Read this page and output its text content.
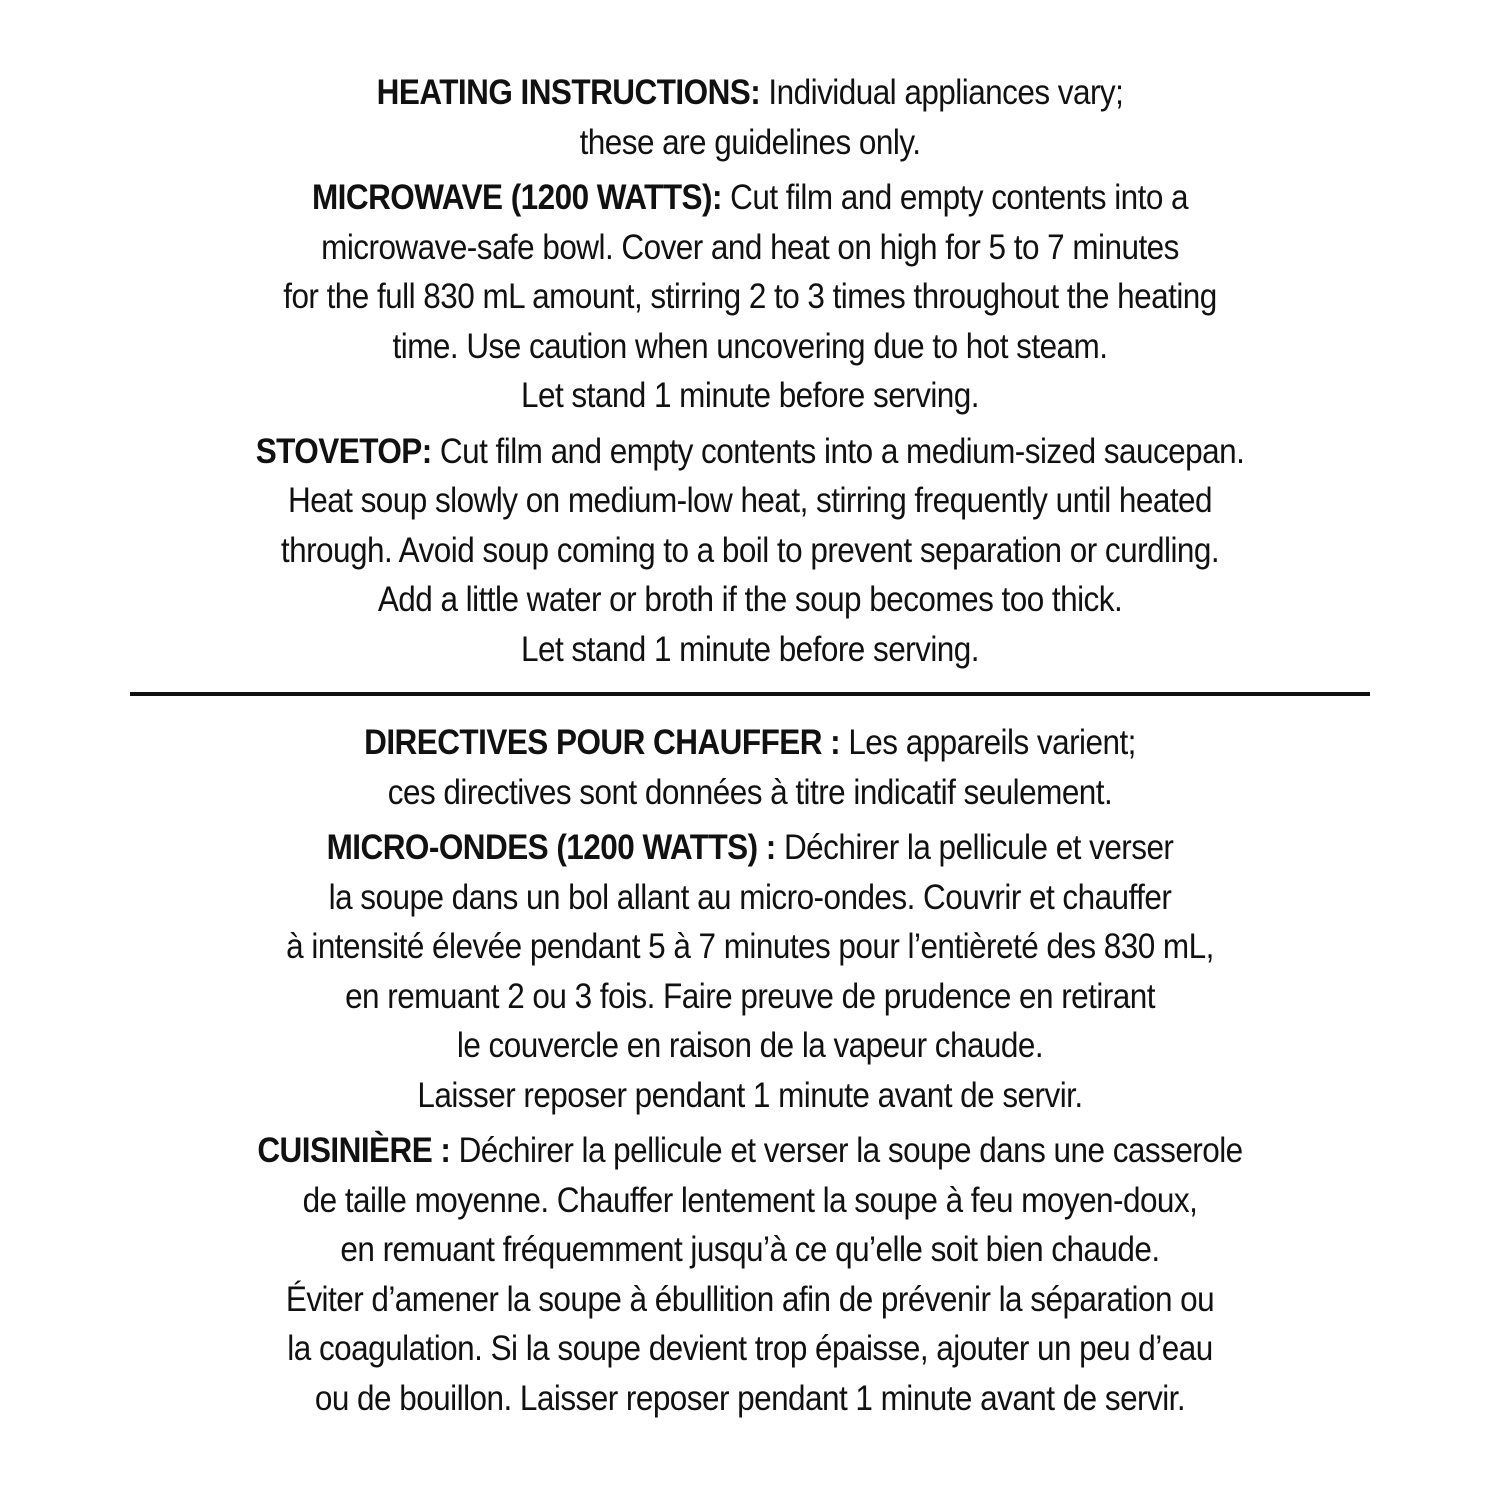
HEATING INSTRUCTIONS: Individual appliances vary;
these are guidelines only.
MICROWAVE (1200 WATTS): Cut film and empty contents into a
microwave-safe bowl. Cover and heat on high for 5 to 7 minutes
for the full 830 mL amount, stirring 2 to 3 times throughout the heating
time. Use caution when uncovering due to hot steam.
Let stand 1 minute before serving.
STOVETOP: Cut film and empty contents into a medium-sized saucepan.
Heat soup slowly on medium-low heat, stirring frequently until heated
through. Avoid soup coming to a boil to prevent separation or curdling.
Add a little water or broth if the soup becomes too thick.
Let stand 1 minute before serving.
DIRECTIVES POUR CHAUFFER : Les appareils varient;
ces directives sont données à titre indicatif seulement.
MICRO-ONDES (1200 WATTS) : Déchirer la pellicule et verser
la soupe dans un bol allant au micro-ondes. Couvrir et chauffer
à intensité élevée pendant 5 à 7 minutes pour l’entièreté des 830 mL,
en remuant 2 ou 3 fois. Faire preuve de prudence en retirant
le couvercle en raison de la vapeur chaude.
Laisser reposer pendant 1 minute avant de servir.
CUISINIÈRE : Déchirer la pellicule et verser la soupe dans une casserole
de taille moyenne. Chauffer lentement la soupe à feu moyen-doux,
en remuant fréquemment jusqu’à ce qu’elle soit bien chaude.
Éviter d’amener la soupe à ébullition afin de prévenir la séparation ou
la coagulation. Si la soupe devient trop épaisse, ajouter un peu d’eau
ou de bouillon. Laisser reposer pendant 1 minute avant de servir.
